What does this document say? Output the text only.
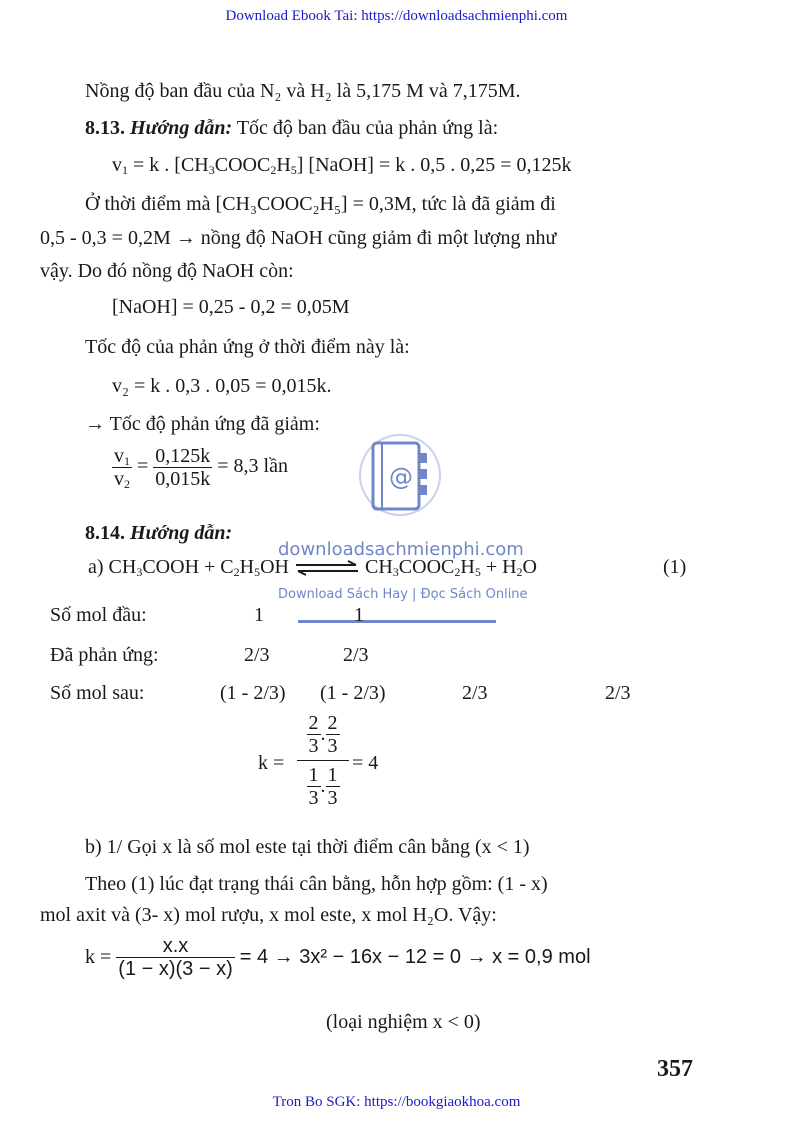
Download Ebook Tai: https://downloadsachmienphi.com
Nồng độ ban đầu của N₂ và H₂ là 5,175 M và 7,175M.
8.13. Hướng dẫn: Tốc độ ban đầu của phản ứng là:
$v_1 = k$ . $[CH_3COOC_2H_5]$ [NaOH] = k . 0,5 . 0,25 = 0,125k
Ở thời điểm mà [CH₃COOC₂H₅] = 0,3M, tức là đã giảm đi
0,5 - 0,3 = 0,2M → nồng độ NaOH cũng giảm đi một lượng như
vậy. Do đó nồng độ NaOH còn:
[NaOH] = 0,25 - 0,2 = 0,05M
Tốc độ của phản ứng ở thời điểm này là:
v₂ = k . 0,3 . 0,05 = 0,015k.
→ Tốc độ phản ứng đã giảm:
$\frac{v_1}{v_2} = \frac{0,125k}{0,015k} = 8,3$ lần	@
downloadsachmienphi.com
Download Sách Hay | Đọc Sách Online
8.14. Hướng dẫn:
a) $CH_3COOH + C_2H_5OH$ ⇌ $CH_3COOC_2H_5 + H_2O$	(1)
Số mol đầu:	1	1
Đã phản ứng:	2/3	2/3
Số mol sau:	(1 - 2/3) (1 - 2/3)	2/3	2/3
k =
$\frac{2}{3}$ . $\frac{2}{3}$
$\frac{1}{3}$ . $\frac{1}{3}$
= 4
b) 1/ Gọi x là số mol este tại thời điểm cân bằng (x < 1)
Theo (1) lúc đạt trạng thái cân bằng, hỗn hợp gồm: (1 - x)
mol axit và (3- x) mol rượu, x mol este, x mol H₂O. Vậy:
$k = \frac{x.x}{(1 - x)(3 - x)} = 4 \to 3x^2 - 16x - 12 = 0 \to x = 0,9$ mol
(loại nghiệm x < 0)
357
Tron Bo SGK: https://bookgiaokhoa.com
